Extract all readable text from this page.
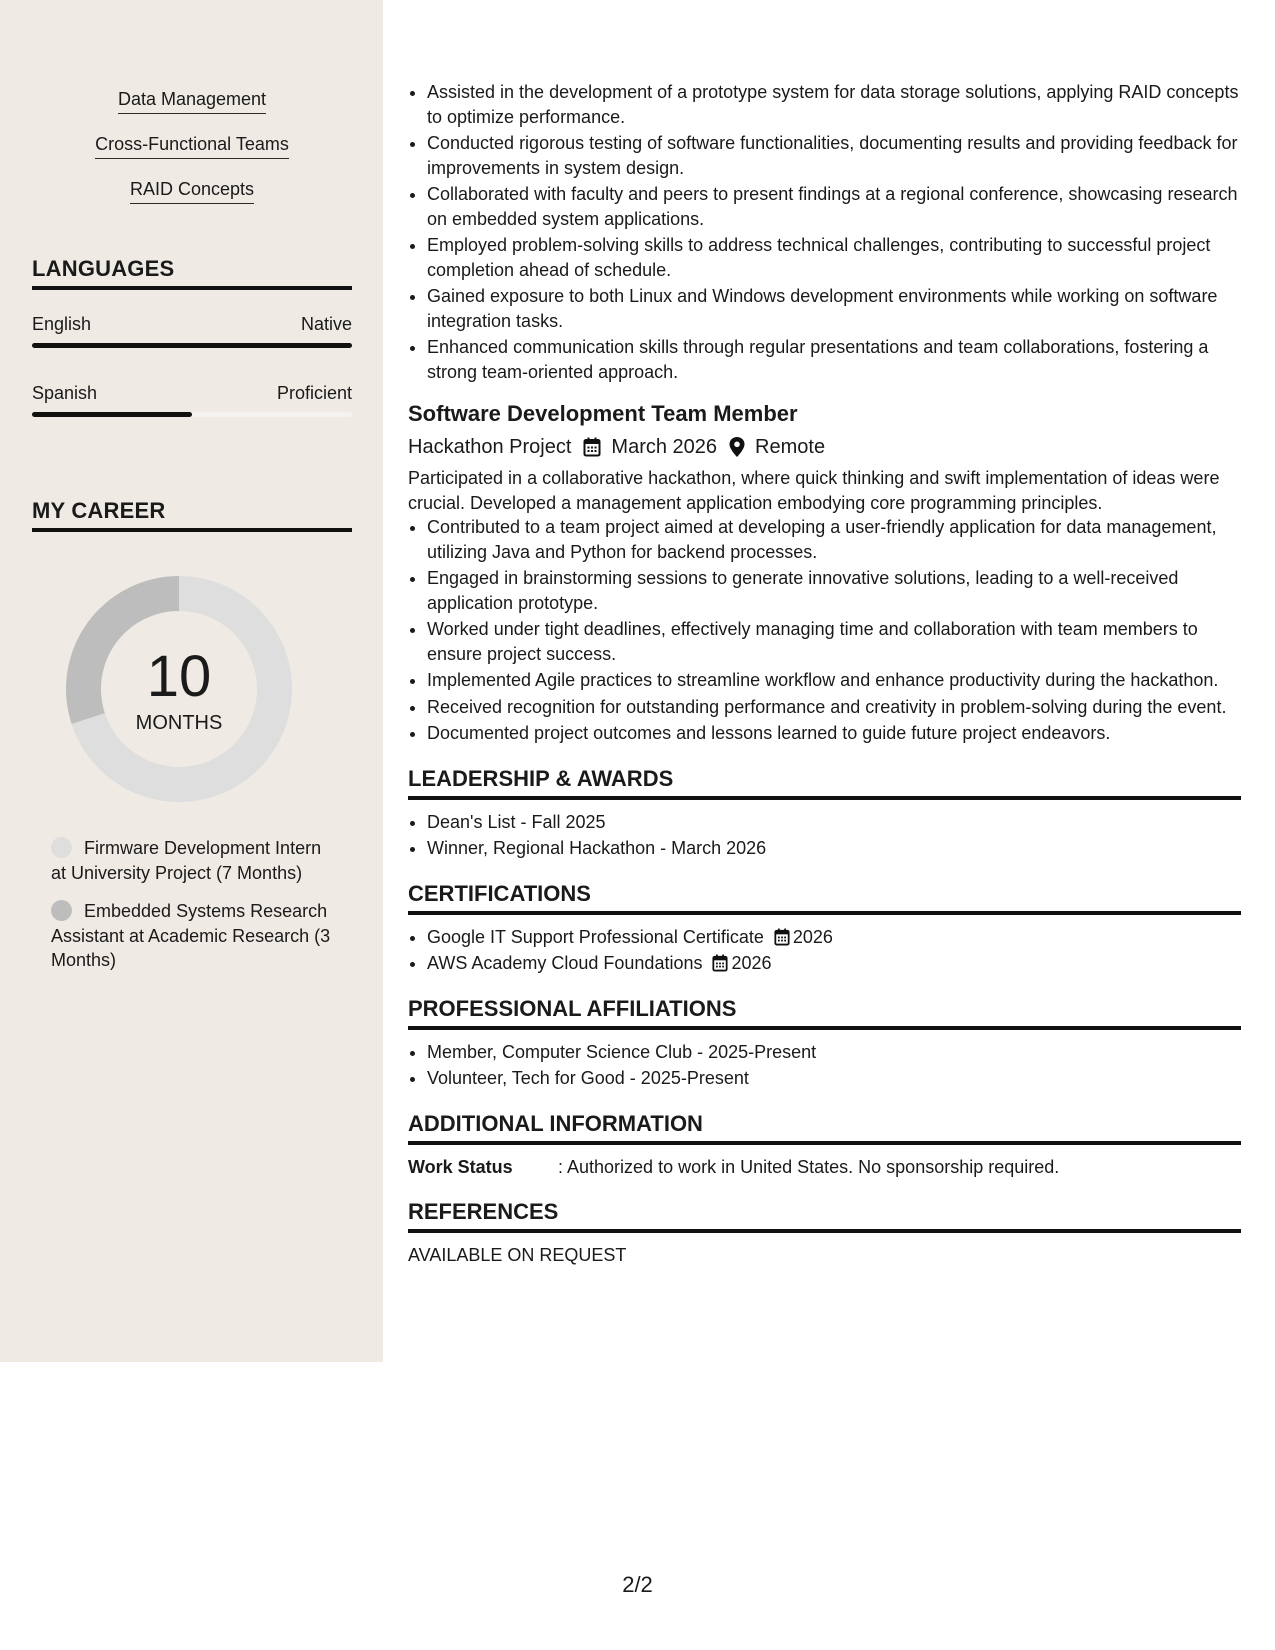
Data Management
Cross-Functional Teams
RAID Concepts
LANGUAGES
English	Native
Spanish	Proficient
MY CAREER
10
MONTHS
Firmware Development Intern at University Project (7 Months)
Embedded Systems Research Assistant at Academic Research (3 Months)
• Assisted in the development of a prototype system for data storage solutions, applying RAID concepts to optimize performance.
• Conducted rigorous testing of software functionalities, documenting results and providing feedback for improvements in system design.
• Collaborated with faculty and peers to present findings at a regional conference, showcasing research on embedded system applications.
• Employed problem-solving skills to address technical challenges, contributing to successful project completion ahead of schedule.
• Gained exposure to both Linux and Windows development environments while working on software integration tasks.
• Enhanced communication skills through regular presentations and team collaborations, fostering a strong team-oriented approach.
Software Development Team Member
Hackathon Project March 2026 Remote
Participated in a collaborative hackathon, where quick thinking and swift implementation of ideas were crucial. Developed a management application embodying core programming principles.
• Contributed to a team project aimed at developing a user-friendly application for data management, utilizing Java and Python for backend processes.
• Engaged in brainstorming sessions to generate innovative solutions, leading to a well-received application prototype.
• Worked under tight deadlines, effectively managing time and collaboration with team members to ensure project success.
• Implemented Agile practices to streamline workflow and enhance productivity during the hackathon.
• Received recognition for outstanding performance and creativity in problem-solving during the event.
• Documented project outcomes and lessons learned to guide future project endeavors.
LEADERSHIP & AWARDS
• Dean's List - Fall 2025
• Winner, Regional Hackathon - March 2026
CERTIFICATIONS
• Google IT Support Professional Certificate 2026
• AWS Academy Cloud Foundations 2026
PROFESSIONAL AFFILIATIONS
• Member, Computer Science Club - 2025-Present
• Volunteer, Tech for Good - 2025-Present
ADDITIONAL INFORMATION
Work Status	: Authorized to work in United States. No sponsorship required.
REFERENCES
AVAILABLE ON REQUEST
2/2
